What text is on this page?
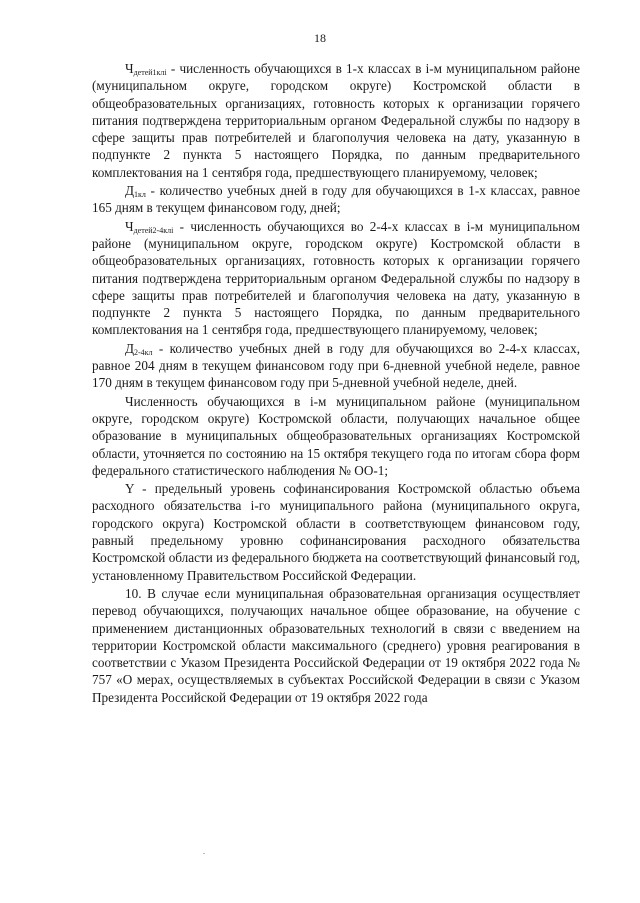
18

$Ч_{детей1клi}$ - численность обучающихся в 1-х классах в i-м муниципальном районе (муниципальном округе, городском округе) Костромской области в общеобразовательных организациях, готовность которых к организации горячего питания подтверждена территориальным органом Федеральной службы по надзору в сфере защиты прав потребителей и благополучия человека на дату, указанную в подпункте 2 пункта 5 настоящего Порядка, по данным предварительного комплектования на 1 сентября года, предшествующего планируемому, человек;

$Д_{1кл}$ - количество учебных дней в году для обучающихся в 1-х классах, равное 165 дням в текущем финансовом году, дней;

$Ч_{детей2-4клi}$ - численность обучающихся во 2-4-х классах в i-м муниципальном районе (муниципальном округе, городском округе) Костромской области в общеобразовательных организациях, готовность которых к организации горячего питания подтверждена территориальным органом Федеральной службы по надзору в сфере защиты прав потребителей и благополучия человека на дату, указанную в подпункте 2 пункта 5 настоящего Порядка, по данным предварительного комплектования на 1 сентября года, предшествующего планируемому, человек;

$Д_{2-4кл}$ - количество учебных дней в году для обучающихся во 2-4-х классах, равное 204 дням в текущем финансовом году при 6-дневной учебной неделе, равное 170 дням в текущем финансовом году при 5-дневной учебной неделе, дней.

Численность обучающихся в i-м муниципальном районе (муниципальном округе, городском округе) Костромской области, получающих начальное общее образование в муниципальных общеобразовательных организациях Костромской области, уточняется по состоянию на 15 октября текущего года по итогам сбора форм федерального статистического наблюдения № ОО-1;

Y - предельный уровень софинансирования Костромской областью объема расходного обязательства i-го муниципального района (муниципального округа, городского округа) Костромской области в соответствующем финансовом году, равный предельному уровню софинансирования расходного обязательства Костромской области из федерального бюджета на соответствующий финансовый год, установленному Правительством Российской Федерации.

10. В случае если муниципальная образовательная организация осуществляет перевод обучающихся, получающих начальное общее образование, на обучение с применением дистанционных образовательных технологий в связи с введением на территории Костромской области максимального (среднего) уровня реагирования в соответствии с Указом Президента Российской Федерации от 19 октября 2022 года № 757 «О мерах, осуществляемых в субъектах Российской Федерации в связи с Указом Президента Российской Федерации от 19 октября 2022 года
